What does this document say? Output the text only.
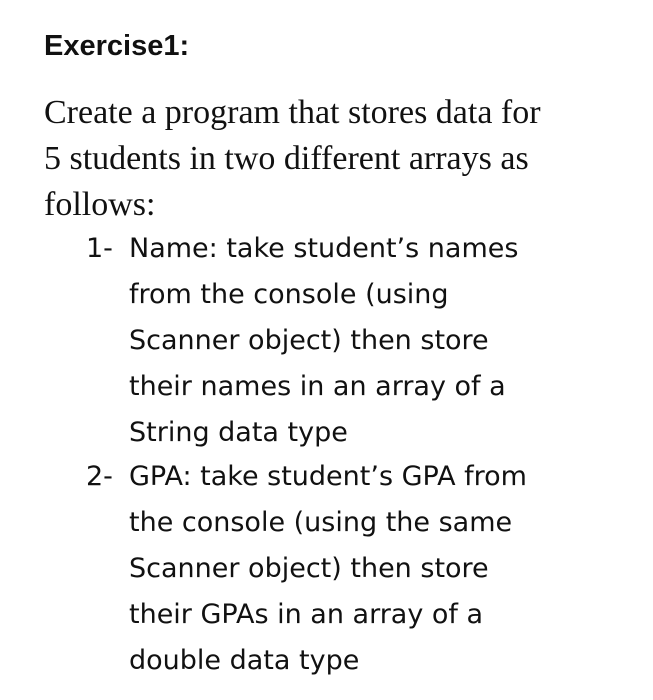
Exercise1:
Create a program that stores data for
5 students in two different arrays as
follows:
1- Name: take student’s names
from the console (using
Scanner object) then store
their names in an array of a
String data type
2- GPA: take student’s GPA from
the console (using the same
Scanner object) then store
their GPAs in an array of a
double data type
